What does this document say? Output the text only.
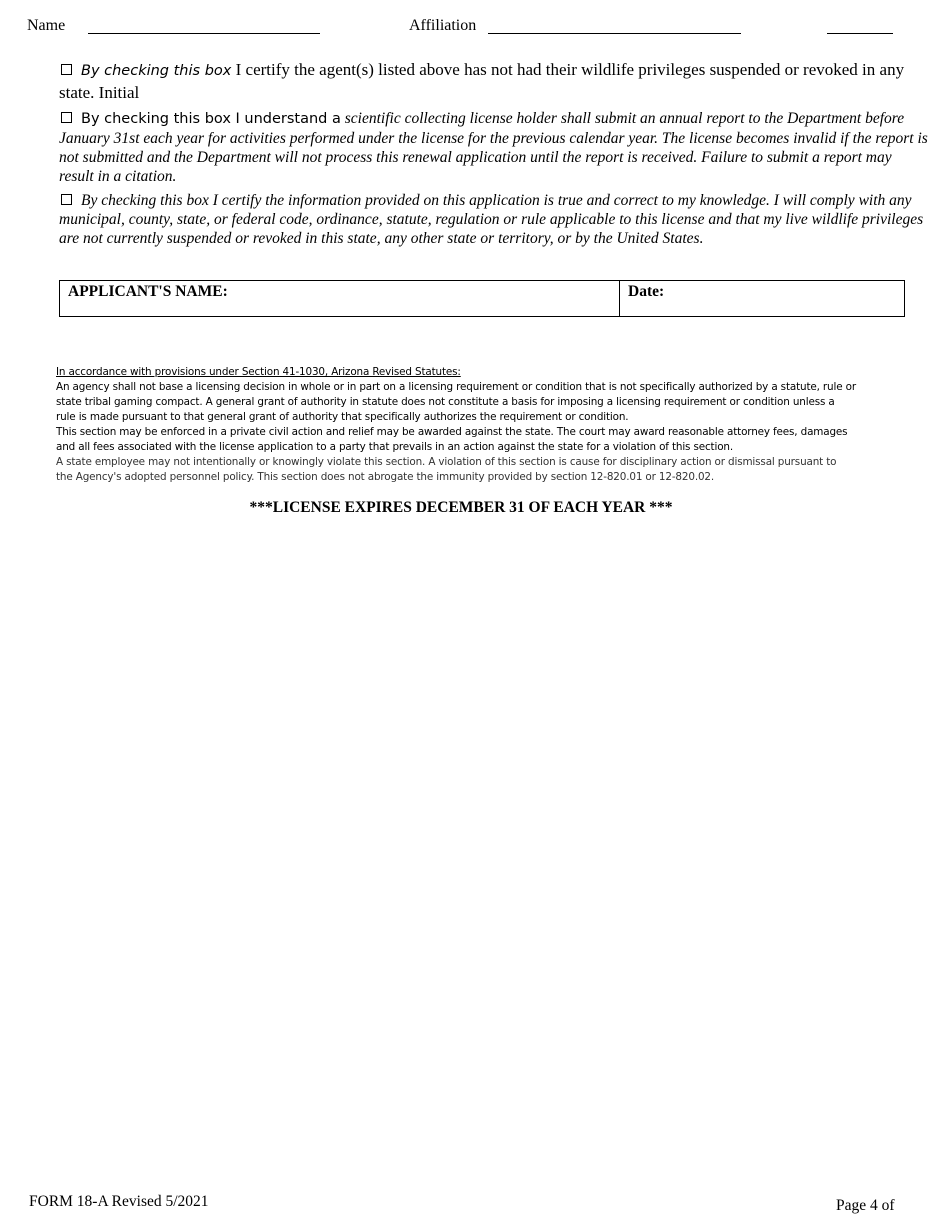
Name	Affiliation
By checking this box I certify the agent(s) listed above has not had their wildlife privileges suspended or revoked in any state. Initial
By checking this box I understand a scientific collecting license holder shall submit an annual report to the Department before January 31st each year for activities performed under the license for the previous calendar year. The license becomes invalid if the report is not submitted and the Department will not process this renewal application until the report is received. Failure to submit a report may result in a citation.
By checking this box I certify the information provided on this application is true and correct to my knowledge. I will comply with any municipal, county, state, or federal code, ordinance, statute, regulation or rule applicable to this license and that my live wildlife privileges are not currently suspended or revoked in this state, any other state or territory, or by the United States.
APPLICANT'S NAME:	Date:
In accordance with provisions under Section 41-1030, Arizona Revised Statutes:
An agency shall not base a licensing decision in whole or in part on a licensing requirement or condition that is not specifically authorized by a statute, rule or state tribal gaming compact. A general grant of authority in statute does not constitute a basis for imposing a licensing requirement or condition unless a rule is made pursuant to that general grant of authority that specifically authorizes the requirement or condition.
This section may be enforced in a private civil action and relief may be awarded against the state. The court may award reasonable attorney fees, damages and all fees associated with the license application to a party that prevails in an action against the state for a violation of this section.
A state employee may not intentionally or knowingly violate this section. A violation of this section is cause for disciplinary action or dismissal pursuant to the Agency's adopted personnel policy. This section does not abrogate the immunity provided by section 12-820.01 or 12-820.02.
***LICENSE EXPIRES DECEMBER 31 OF EACH YEAR ***
FORM 18-A Revised 5/2021	Page 4 of
